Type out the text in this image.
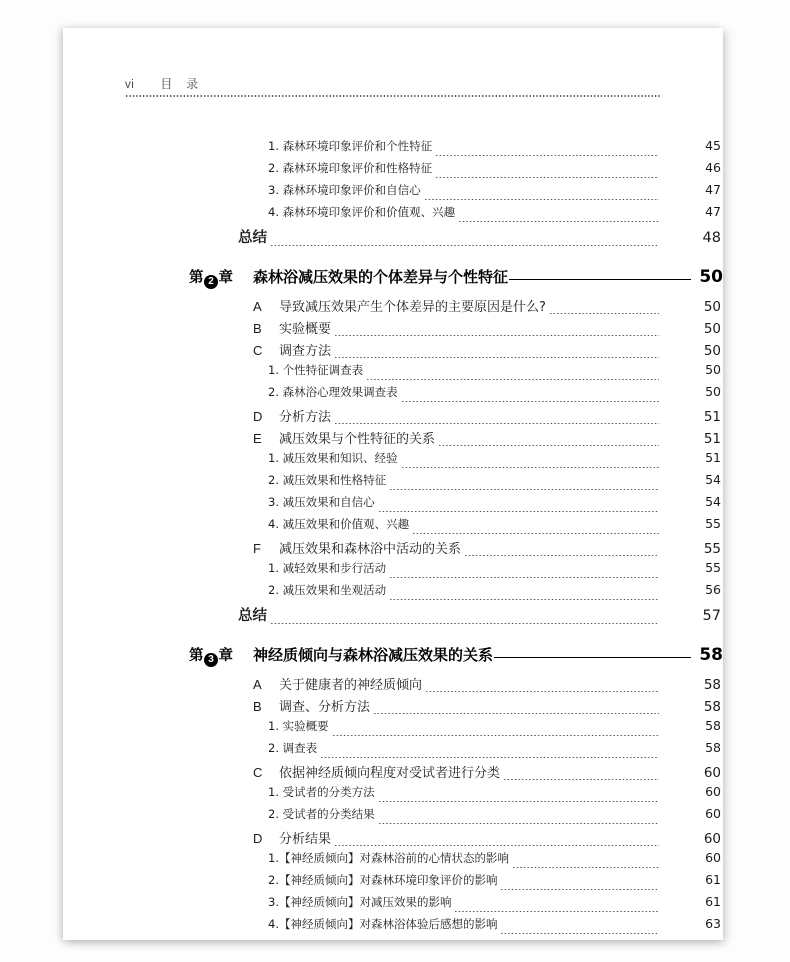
vi 目 录
1. 森林环境印象评价和个性特征	45
2. 森林环境印象评价和性格特征	46
3. 森林环境印象评价和自信心	47
4. 森林环境印象评价和价值观、兴趣	47
总结	48
第 2 章 森林浴减压效果的个体差异与个性特征	50
A 导致减压效果产生个体差异的主要原因是什么?	50
B 实验概要	50
C 调查方法	50
1. 个性特征调查表	50
2. 森林浴心理效果调查表	50
D 分析方法	51
E 减压效果与个性特征的关系	51
1. 减压效果和知识、经验	51
2. 减压效果和性格特征	54
3. 减压效果和自信心	54
4. 减压效果和价值观、兴趣	55
F 减压效果和森林浴中活动的关系	55
1. 减轻效果和步行活动	55
2. 减压效果和坐观活动	56
总结	57
第 3 章 神经质倾向与森林浴减压效果的关系	58
A 关于健康者的神经质倾向	58
B 调查、分析方法	58
1. 实验概要	58
2. 调查表	58
C 依据神经质倾向程度对受试者进行分类	60
1. 受试者的分类方法	60
2. 受试者的分类结果	60
D 分析结果	60
1.【神经质倾向】对森林浴前的心情状态的影响	60
2.【神经质倾向】对森林环境印象评价的影响	61
3.【神经质倾向】对减压效果的影响	61
4.【神经质倾向】对森林浴体验后感想的影响	63
